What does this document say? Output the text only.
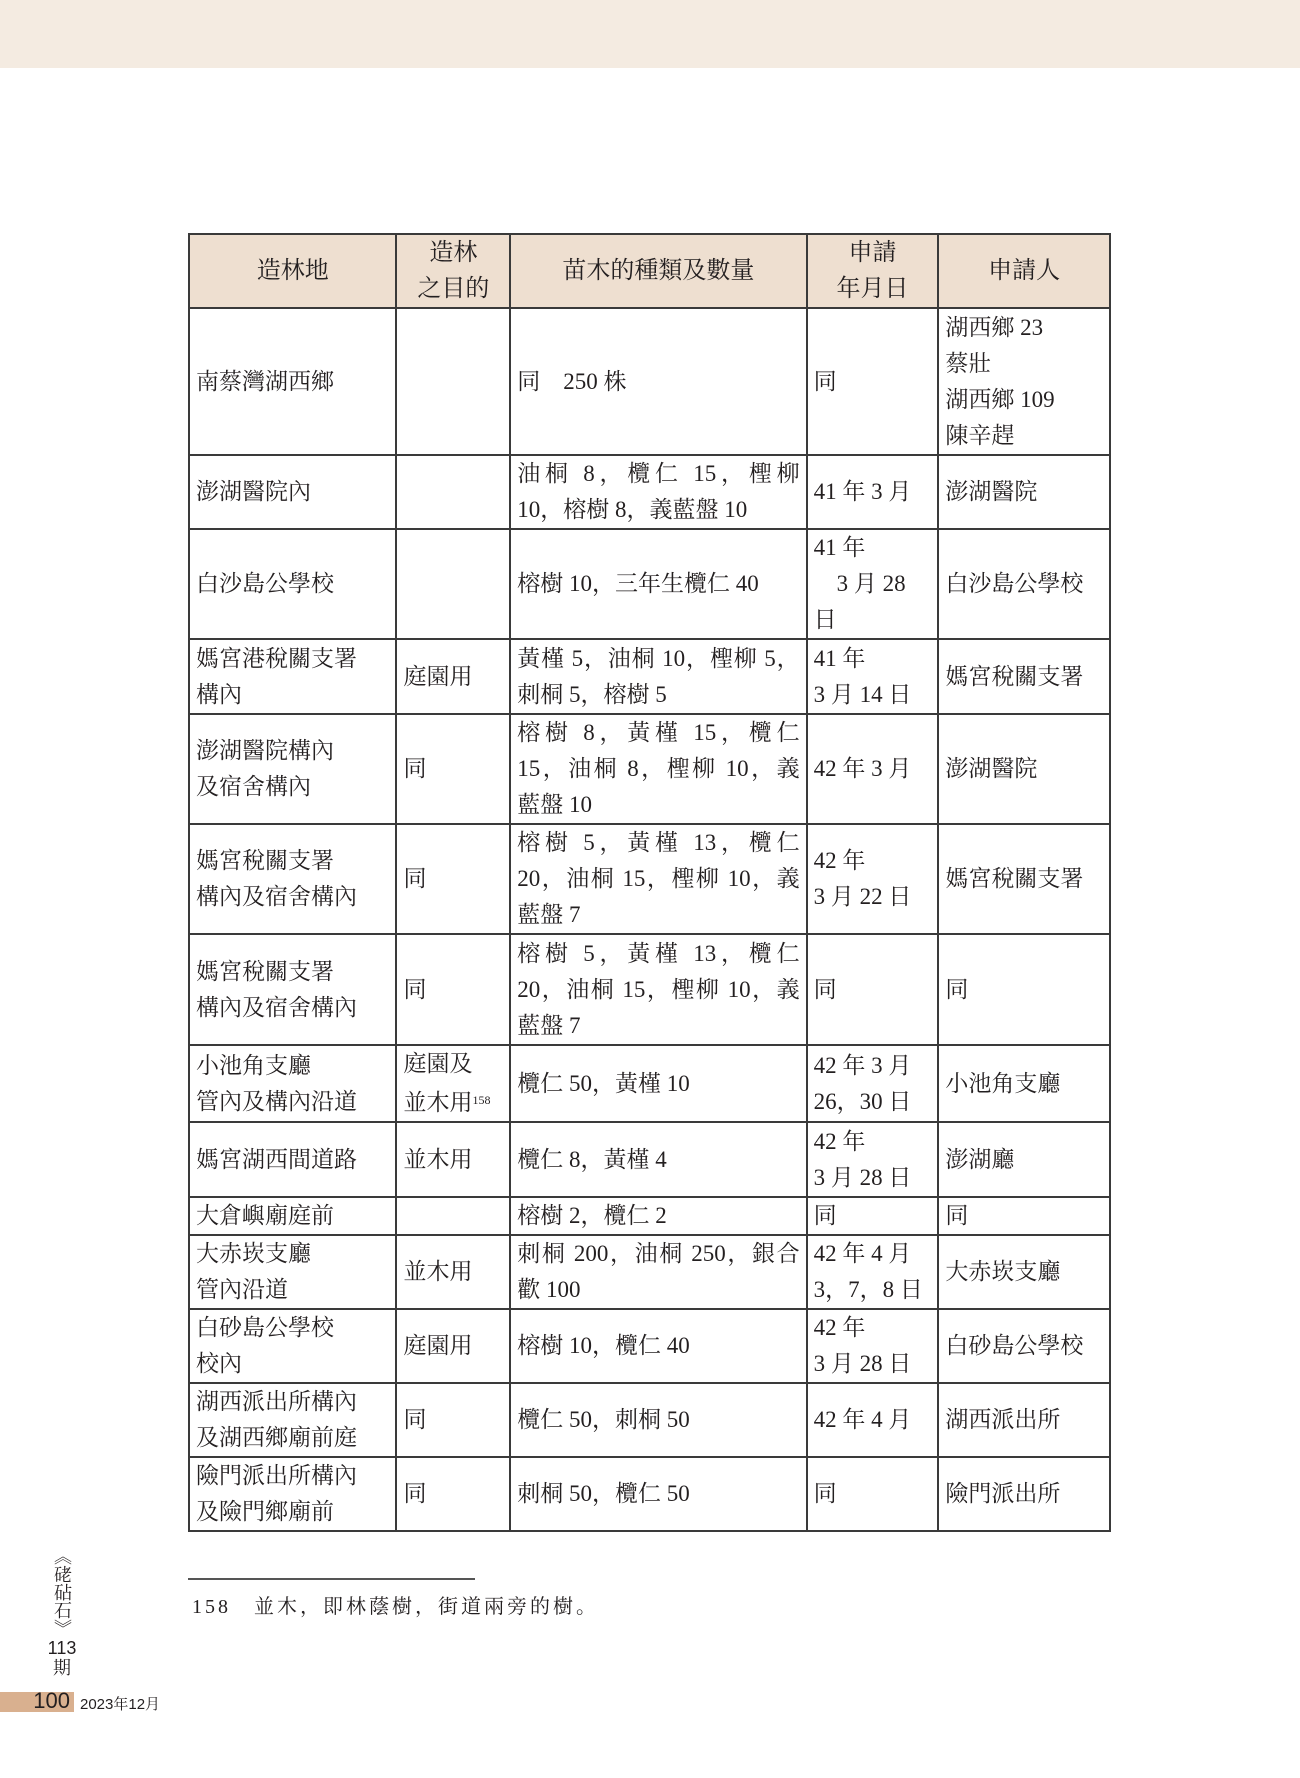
造林地	造林
之目的	苗木的種類及數量	申請
年月日	申請人

南蔡灣湖西鄉		同　250 株	同	湖西鄉 23
蔡壯
湖西鄉 109
陳辛趕

澎湖醫院內		油桐 8，欖仁 15，檉柳
10，榕樹 8，義藍盤 10	41 年 3 月	澎湖醫院

白沙島公學校		榕樹 10，三年生欖仁 40	41 年
　3 月 28 日	白沙島公學校

媽宮港稅關支署
構內	庭園用	黃槿 5，油桐 10，檉柳 5，
刺桐 5，榕樹 5	41 年
3 月 14 日	媽宮稅關支署

澎湖醫院構內
及宿舍構內	同	榕樹 8，黃槿 15，欖仁
15，油桐 8，檉柳 10，義
藍盤 10	42 年 3 月	澎湖醫院

媽宮稅關支署
構內及宿舍構內	同	榕樹 5，黃槿 13，欖仁
20，油桐 15，檉柳 10，義
藍盤 7	42 年
3 月 22 日	媽宮稅關支署

媽宮稅關支署
構內及宿舍構內	同	榕樹 5，黃槿 13，欖仁
20，油桐 15，檉柳 10，義
藍盤 7	同	同

小池角支廳
管內及構內沿道	庭園及
並木用$^{158}$	欖仁 50，黃槿 10	42 年 3 月
26，30 日	小池角支廳

媽宮湖西間道路	並木用	欖仁 8，黃槿 4	42 年
3 月 28 日	澎湖廳

大倉嶼廟庭前		榕樹 2，欖仁 2	同	同

大赤崁支廳
管內沿道	並木用	刺桐 200，油桐 250，銀合
歡 100	42 年 4 月
3，7，8 日	大赤崁支廳

白砂島公學校
校內	庭園用	榕樹 10，欖仁 40	42 年
3 月 28 日	白砂島公學校

湖西派出所構內
及湖西鄉廟前庭	同	欖仁 50，刺桐 50	42 年 4 月	湖西派出所

險門派出所構內
及險門鄉廟前	同	刺桐 50，欖仁 50	同	險門派出所
158　 並木，即林蔭樹，街道兩旁的樹。
《硓砧石》
113
期
100 2023年12月
